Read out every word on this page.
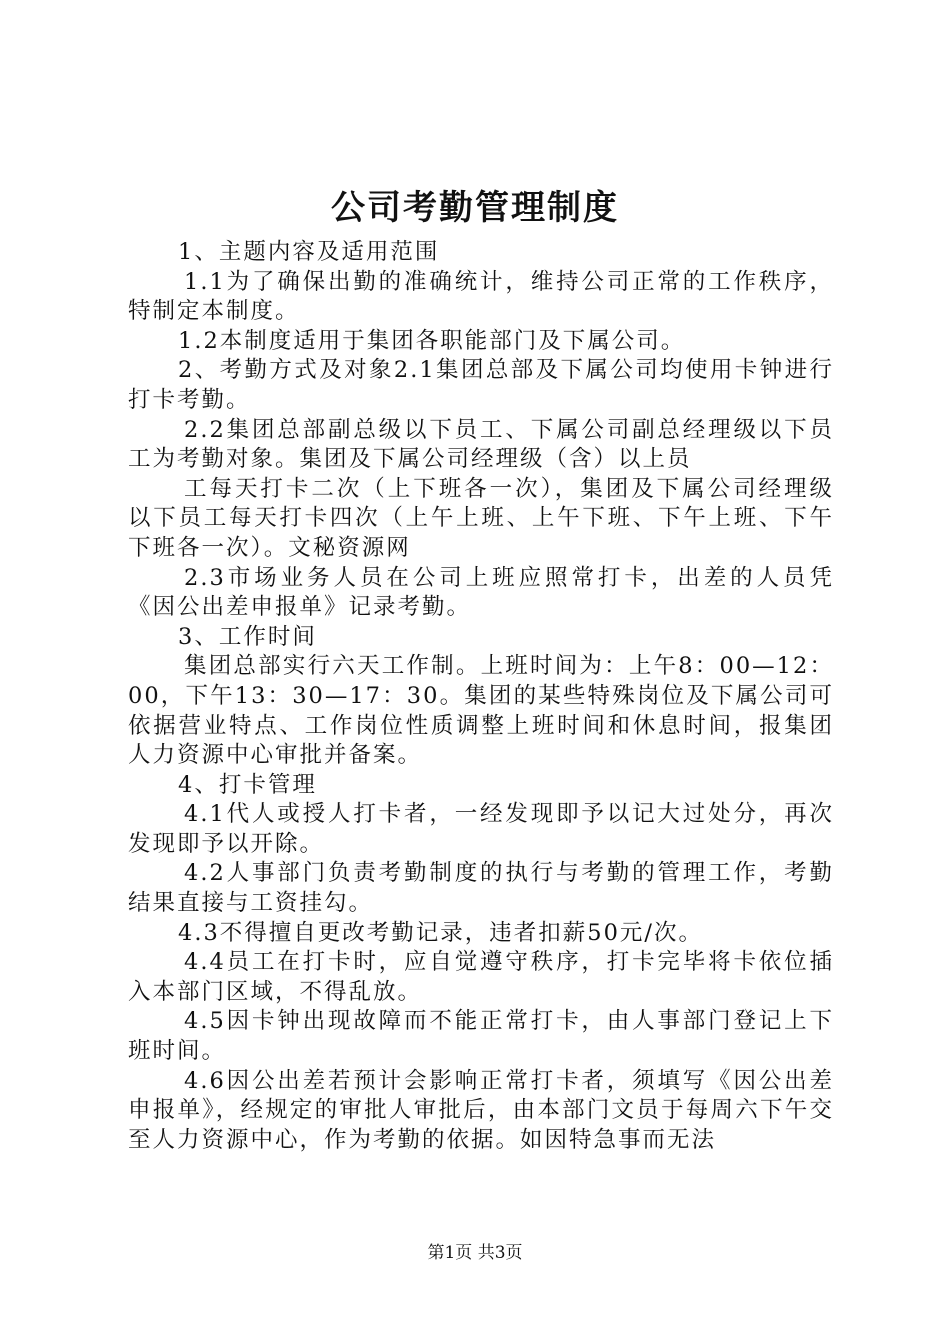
公司考勤管理制度

1、主题内容及适用范围

1.1为了确保出勤的准确统计，维持公司正常的工作秩序，特制定本制度。

1.2本制度适用于集团各职能部门及下属公司。

2、考勤方式及对象2.1集团总部及下属公司均使用卡钟进行打卡考勤。

2.2集团总部副总级以下员工、下属公司副总经理级以下员工为考勤对象。集团及下属公司经理级（含）以上员

工每天打卡二次（上下班各一次），集团及下属公司经理级以下员工每天打卡四次（上午上班、上午下班、下午上班、下午下班各一次）。文秘资源网

2.3市场业务人员在公司上班应照常打卡，出差的人员凭《因公出差申报单》记录考勤。

3、工作时间

集团总部实行六天工作制。上班时间为：上午8：00—12：00，下午13：30—17：30。集团的某些特殊岗位及下属公司可依据营业特点、工作岗位性质调整上班时间和休息时间，报集团人力资源中心审批并备案。

4、打卡管理

4.1代人或授人打卡者，一经发现即予以记大过处分，再次发现即予以开除。

4.2人事部门负责考勤制度的执行与考勤的管理工作，考勤结果直接与工资挂勾。

4.3不得擅自更改考勤记录，违者扣薪50元/次。

4.4员工在打卡时，应自觉遵守秩序，打卡完毕将卡依位插入本部门区域，不得乱放。

4.5因卡钟出现故障而不能正常打卡，由人事部门登记上下班时间。

4.6因公出差若预计会影响正常打卡者，须填写《因公出差申报单》，经规定的审批人审批后，由本部门文员于每周六下午交至人力资源中心，作为考勤的依据。如因特急事而无法

第1页 共3页
